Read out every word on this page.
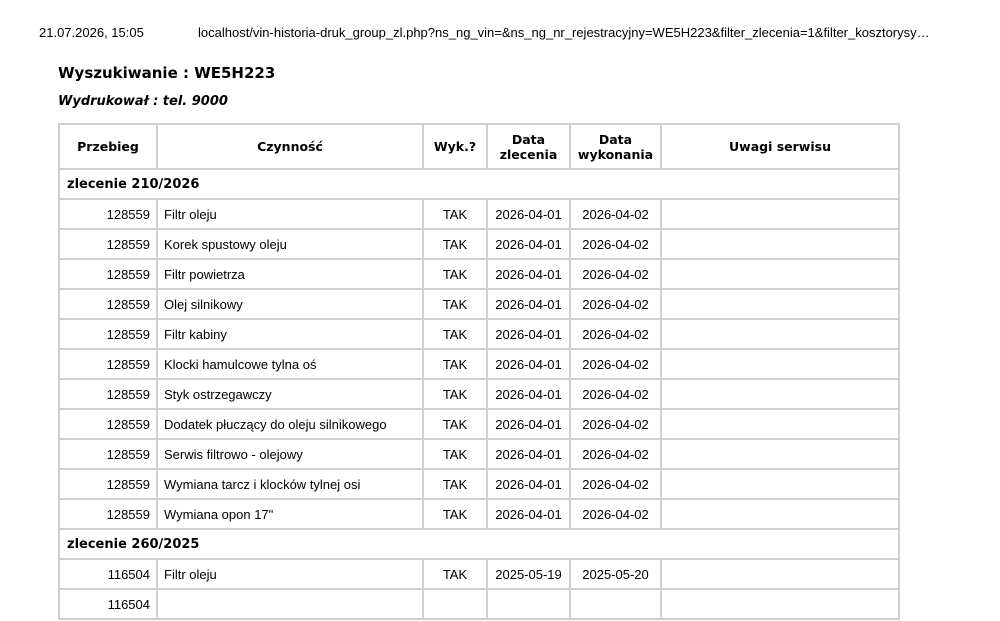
21.07.2026, 15:05	localhost/vin-historia-druk_group_zl.php?ns_ng_vin=&ns_ng_nr_rejestracyjny=WE5H223&filter_zlecenia=1&filter_kosztorysy…
Wyszukiwanie : WE5H223

Wydrukował : tel. 9000

Przebieg	Czynność	Wyk.?	Data zlecenia	Data wykonania	Uwagi serwisu
zlecenie 210/2026					
128559	Filtr oleju	TAK	2026-04-01	2026-04-02	
128559	Korek spustowy oleju	TAK	2026-04-01	2026-04-02	
128559	Filtr powietrza	TAK	2026-04-01	2026-04-02	
128559	Olej silnikowy	TAK	2026-04-01	2026-04-02	
128559	Filtr kabiny	TAK	2026-04-01	2026-04-02	
128559	Klocki hamulcowe tylna oś	TAK	2026-04-01	2026-04-02	
128559	Styk ostrzegawczy	TAK	2026-04-01	2026-04-02	
128559	Dodatek płuczący do oleju silnikowego	TAK	2026-04-01	2026-04-02	
128559	Serwis filtrowo - olejowy	TAK	2026-04-01	2026-04-02	
128559	Wymiana tarcz i klocków tylnej osi	TAK	2026-04-01	2026-04-02	
128559	Wymiana opon 17"	TAK	2026-04-01	2026-04-02	
zlecenie 260/2025					
116504	Filtr oleju	TAK	2025-05-19	2025-05-20	
116504					
